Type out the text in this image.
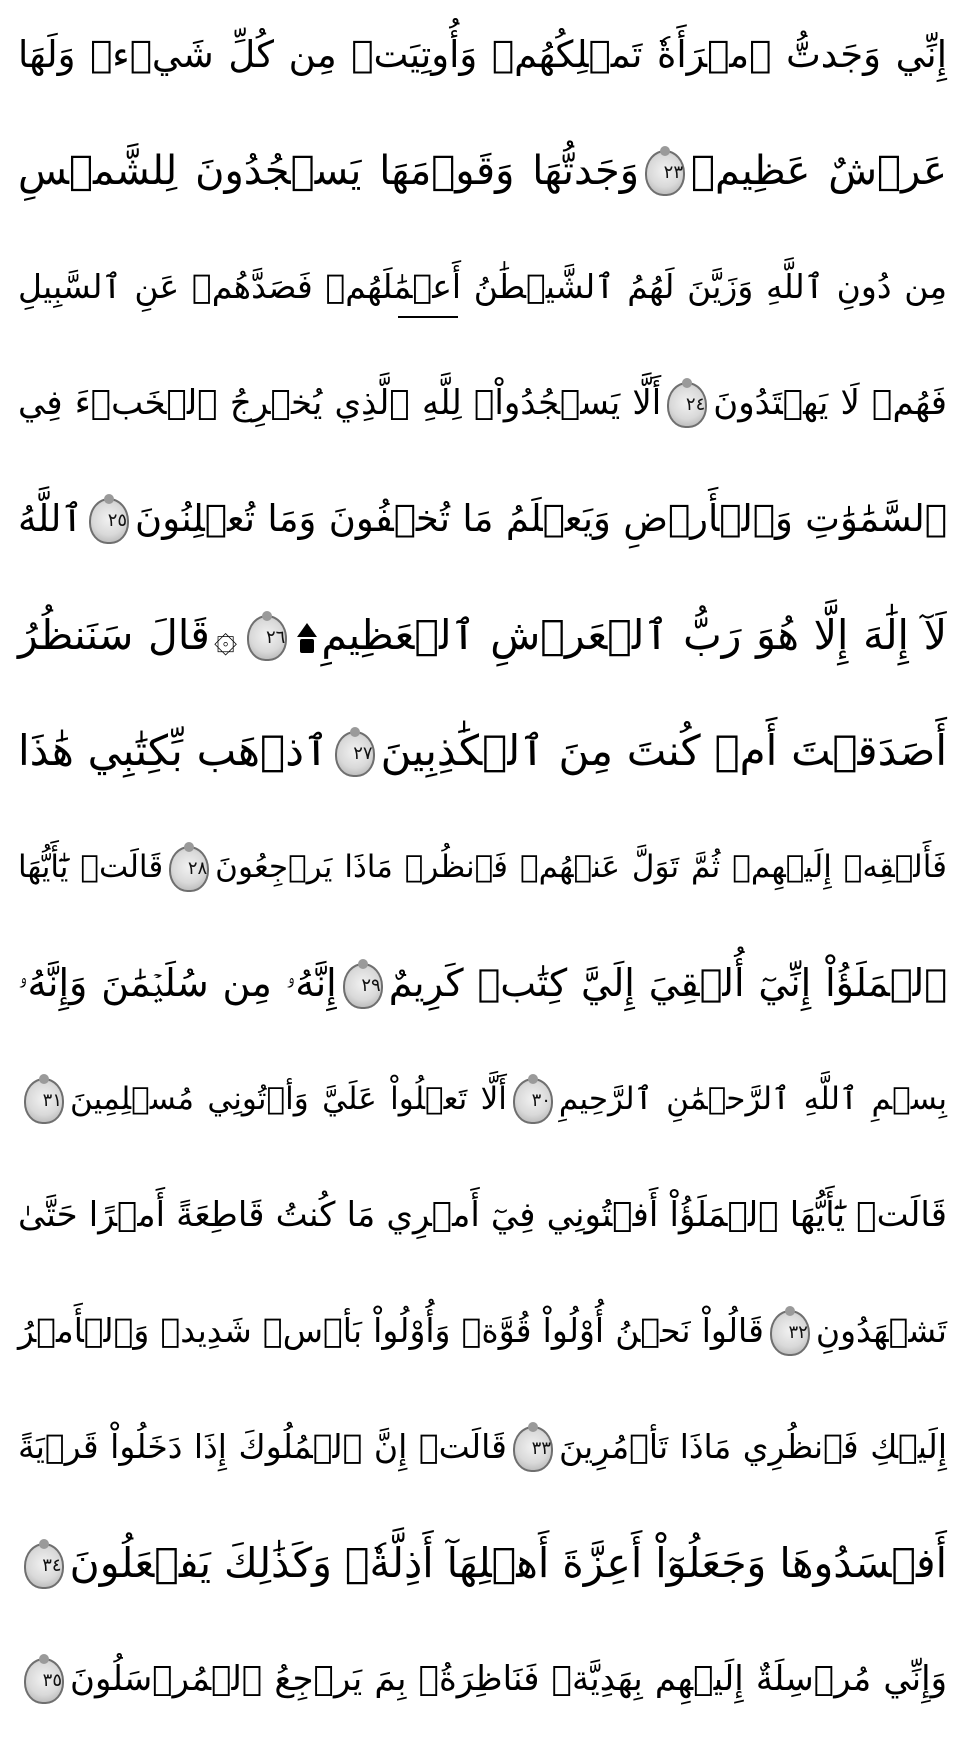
إِنِّي وَجَدتُّ ٱمۡرَأَةٗ تَمۡلِكُهُمۡ وَأُوتِيَتۡ مِن كُلِّ شَيۡءٖ وَلَهَا
عَرۡشٌ عَظِيمٞ
٢٣
وَجَدتُّهَا وَقَوۡمَهَا يَسۡجُدُونَ لِلشَّمۡسِ
مِن دُونِ ٱللَّهِ وَزَيَّنَ لَهُمُ ٱلشَّيۡطَٰنُ أَعۡمَٰلَهُمۡ فَصَدَّهُمۡ عَنِ ٱلسَّبِيلِ
فَهُمۡ لَا يَهۡتَدُونَ
٢٤
أَلَّا يَسۡجُدُواْۤ لِلَّهِ ٱلَّذِي يُخۡرِجُ ٱلۡخَبۡءَ فِي
ٱلسَّمَٰوَٰتِ وَٱلۡأَرۡضِ وَيَعۡلَمُ مَا تُخۡفُونَ وَمَا تُعۡلِنُونَ
٢٥
ٱللَّهُ
لَآ إِلَٰهَ إِلَّا هُوَ رَبُّ ٱلۡعَرۡشِ ٱلۡعَظِيمِ
٢٦
۞قَالَ سَنَنظُرُ
أَصَدَقۡتَ أَمۡ كُنتَ مِنَ ٱلۡكَٰذِبِينَ
٢٧
ٱذۡهَب بِّكِتَٰبِي هَٰذَا
فَأَلۡقِهۡ إِلَيۡهِمۡ ثُمَّ تَوَلَّ عَنۡهُمۡ فَٱنظُرۡ مَاذَا يَرۡجِعُونَ
٢٨
قَالَتۡ يَٰٓأَيُّهَا
ٱلۡمَلَؤُاْ إِنِّيٓ أُلۡقِيَ إِلَيَّ كِتَٰبٞ كَرِيمٌ
٢٩
إِنَّهُۥ مِن سُلَيۡمَٰنَ وَإِنَّهُۥ
بِسۡمِ ٱللَّهِ ٱلرَّحۡمَٰنِ ٱلرَّحِيمِ
٣٠
أَلَّا تَعۡلُواْ عَلَيَّ وَأۡتُونِي مُسۡلِمِينَ
٣١
قَالَتۡ يَٰٓأَيُّهَا ٱلۡمَلَؤُاْ أَفۡتُونِي فِيٓ أَمۡرِي مَا كُنتُ قَاطِعَةً أَمۡرًا حَتَّىٰ
تَشۡهَدُونِ
٣٢
قَالُواْ نَحۡنُ أُوْلُواْ قُوَّةٖ وَأُوْلُواْ بَأۡسٖ شَدِيدٖ وَٱلۡأَمۡرُ
إِلَيۡكِ فَٱنظُرِي مَاذَا تَأۡمُرِينَ
٣٣
قَالَتۡ إِنَّ ٱلۡمُلُوكَ إِذَا دَخَلُواْ قَرۡيَةً
أَفۡسَدُوهَا وَجَعَلُوٓاْ أَعِزَّةَ أَهۡلِهَآ أَذِلَّةٗۚ وَكَذَٰلِكَ يَفۡعَلُونَ
٣٤
وَإِنِّي مُرۡسِلَةٌ إِلَيۡهِم بِهَدِيَّةٖ فَنَاظِرَةُۢ بِمَ يَرۡجِعُ ٱلۡمُرۡسَلُونَ
٣٥
